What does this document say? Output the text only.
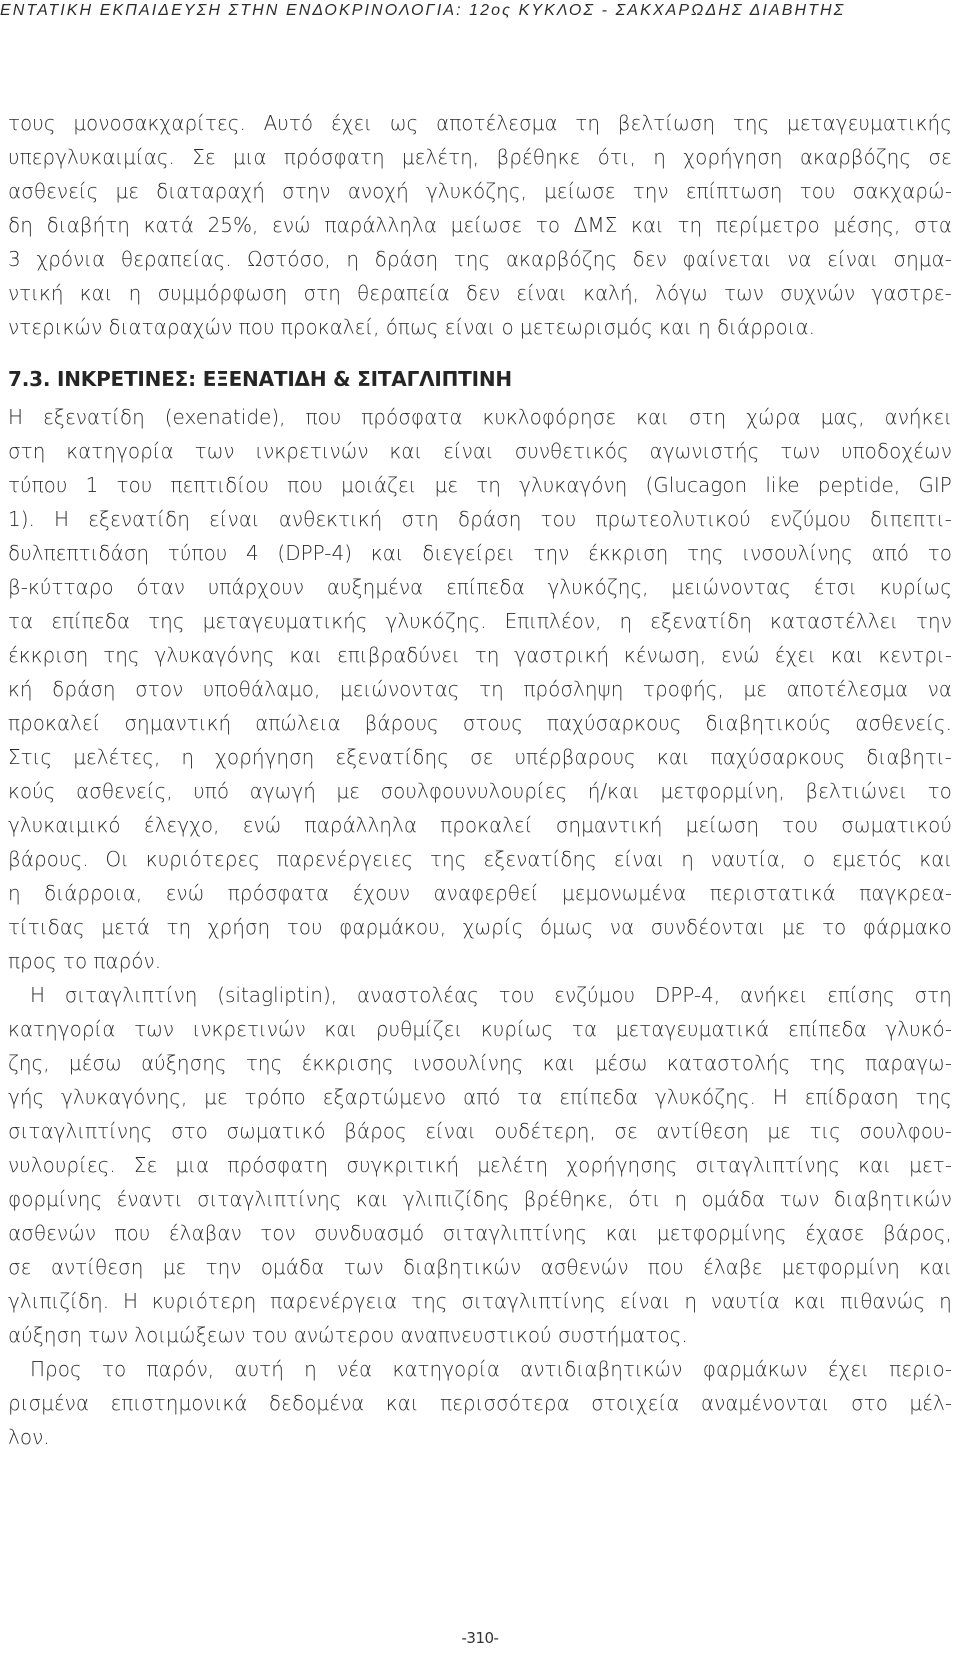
ΕΝΤΑΤΙΚΗ ΕΚΠΑΙΔΕΥΣΗ ΣΤΗΝ ΕΝΔΟΚΡΙΝΟΛΟΓΙΑ: 12ος ΚΥΚΛΟΣ - ΣΑΚΧΑΡΩΔΗΣ ΔΙΑΒΗΤΗΣ
τους μονοσακχαρίτες. Αυτό έχει ως αποτέλεσμα τη βελτίωση της μεταγευματικής
υπεργλυκαιμίας. Σε μια πρόσφατη μελέτη, βρέθηκε ότι, η χορήγηση ακαρβόζης σε
ασθενείς με διαταραχή στην ανοχή γλυκόζης, μείωσε την επίπτωση του σακχαρώ-
δη διαβήτη κατά 25%, ενώ παράλληλα μείωσε το ΔΜΣ και τη περίμετρο μέσης, στα
3 χρόνια θεραπείας. Ωστόσο, η δράση της ακαρβόζης δεν φαίνεται να είναι σημα-
ντική και η συμμόρφωση στη θεραπεία δεν είναι καλή, λόγω των συχνών γαστρε-
ντερικών διαταραχών που προκαλεί, όπως είναι ο μετεωρισμός και η διάρροια.
7.3. ΙΝΚΡΕΤΙΝΕΣ: ΕΞΕΝΑΤΙΔΗ & ΣΙΤΑΓΛΙΠΤΙΝΗ
Η εξενατίδη (exenatide), που πρόσφατα κυκλοφόρησε και στη χώρα μας, ανήκει
στη κατηγορία των ινκρετινών και είναι συνθετικός αγωνιστής των υποδοχέων
τύπου 1 του πεπτιδίου που μοιάζει με τη γλυκαγόνη (Glucagon like peptide, GIP
1). Η εξενατίδη είναι ανθεκτική στη δράση του πρωτεολυτικού ενζύμου διπεπτι-
δυλπεπτιδάση τύπου 4 (DPP-4) και διεγείρει την έκκριση της ινσουλίνης από το
β-κύτταρο όταν υπάρχουν αυξημένα επίπεδα γλυκόζης, μειώνοντας έτσι κυρίως
τα επίπεδα της μεταγευματικής γλυκόζης. Επιπλέον, η εξενατίδη καταστέλλει την
έκκριση της γλυκαγόνης και επιβραδύνει τη γαστρική κένωση, ενώ έχει και κεντρι-
κή δράση στον υποθάλαμο, μειώνοντας τη πρόσληψη τροφής, με αποτέλεσμα να
προκαλεί σημαντική απώλεια βάρους στους παχύσαρκους διαβητικούς ασθενείς.
Στις μελέτες, η χορήγηση εξενατίδης σε υπέρβαρους και παχύσαρκους διαβητι-
κούς ασθενείς, υπό αγωγή με σουλφουνυλουρίες ή/και μετφορμίνη, βελτιώνει το
γλυκαιμικό έλεγχο, ενώ παράλληλα προκαλεί σημαντική μείωση του σωματικού
βάρους. Οι κυριότερες παρενέργειες της εξενατίδης είναι η ναυτία, ο εμετός και
η διάρροια, ενώ πρόσφατα έχουν αναφερθεί μεμονωμένα περιστατικά παγκρεα-
τίτιδας μετά τη χρήση του φαρμάκου, χωρίς όμως να συνδέονται με το φάρμακο
προς το παρόν.
Η σιταγλιπτίνη (sitagliptin), αναστολέας του ενζύμου DPP-4, ανήκει επίσης στη
κατηγορία των ινκρετινών και ρυθμίζει κυρίως τα μεταγευματικά επίπεδα γλυκό-
ζης, μέσω αύξησης της έκκρισης ινσουλίνης και μέσω καταστολής της παραγω-
γής γλυκαγόνης, με τρόπο εξαρτώμενο από τα επίπεδα γλυκόζης. Η επίδραση της
σιταγλιπτίνης στο σωματικό βάρος είναι ουδέτερη, σε αντίθεση με τις σουλφου-
νυλουρίες. Σε μια πρόσφατη συγκριτική μελέτη χορήγησης σιταγλιπτίνης και μετ-
φορμίνης έναντι σιταγλιπτίνης και γλιπιζίδης βρέθηκε, ότι η ομάδα των διαβητικών
ασθενών που έλαβαν τον συνδυασμό σιταγλιπτίνης και μετφορμίνης έχασε βάρος,
σε αντίθεση με την ομάδα των διαβητικών ασθενών που έλαβε μετφορμίνη και
γλιπιζίδη. Η κυριότερη παρενέργεια της σιταγλιπτίνης είναι η ναυτία και πιθανώς η
αύξηση των λοιμώξεων του ανώτερου αναπνευστικού συστήματος.
Προς το παρόν, αυτή η νέα κατηγορία αντιδιαβητικών φαρμάκων έχει περιο-
ρισμένα επιστημονικά δεδομένα και περισσότερα στοιχεία αναμένονται στο μέλ-
λον.
-310-
